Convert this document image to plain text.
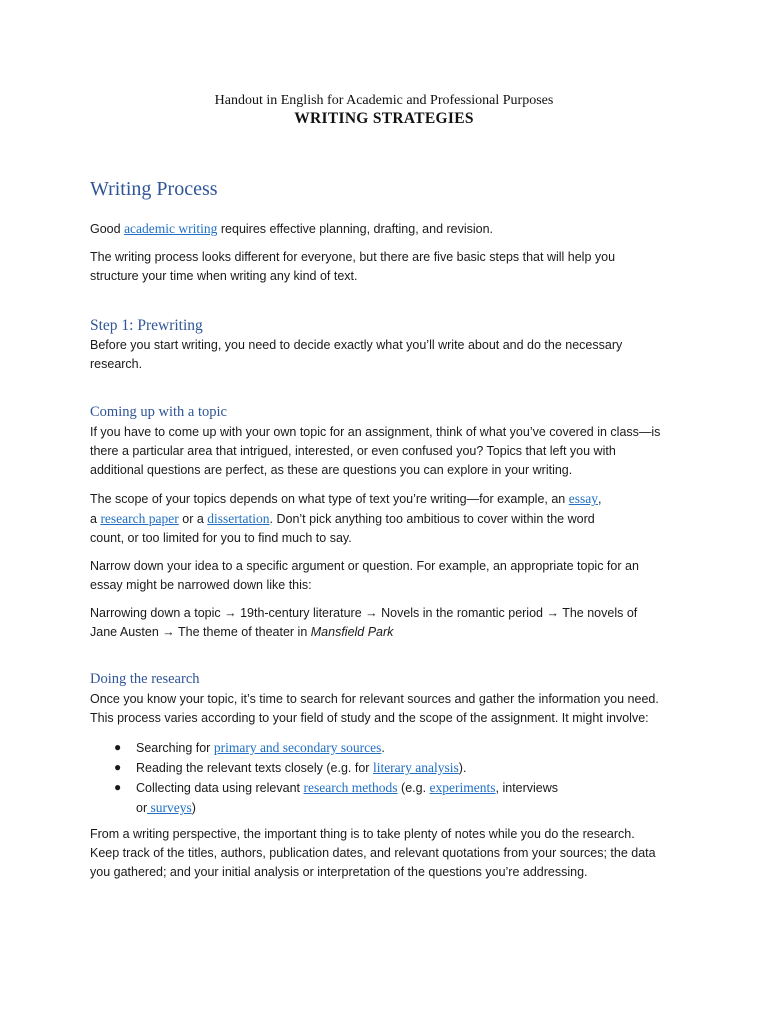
Handout in English for Academic and Professional Purposes
WRITING STRATEGIES
Writing Process

Good academic writing requires effective planning, drafting, and revision.

The writing process looks different for everyone, but there are five basic steps that will help you
structure your time when writing any kind of text.

Step 1: Prewriting

Before you start writing, you need to decide exactly what you’ll write about and do the necessary
research.

Coming up with a topic

If you have to come up with your own topic for an assignment, think of what you’ve covered in class—is
there a particular area that intrigued, interested, or even confused you? Topics that left you with
additional questions are perfect, as these are questions you can explore in your writing.

The scope of your topics depends on what type of text you’re writing—for example, an essay,
a research paper or a dissertation. Don’t pick anything too ambitious to cover within the word
count, or too limited for you to find much to say.

Narrow down your idea to a specific argument or question. For example, an appropriate topic for an
essay might be narrowed down like this:

Narrowing down a topic → 19th-century literature → Novels in the romantic period → The novels of
Jane Austen → The theme of theater in Mansfield Park

Doing the research

Once you know your topic, it’s time to search for relevant sources and gather the information you need.
This process varies according to your field of study and the scope of the assignment. It might involve:

● Searching for primary and secondary sources.
● Reading the relevant texts closely (e.g. for literary analysis).
● Collecting data using relevant research methods (e.g. experiments, interviews
or surveys)

From a writing perspective, the important thing is to take plenty of notes while you do the research.
Keep track of the titles, authors, publication dates, and relevant quotations from your sources; the data
you gathered; and your initial analysis or interpretation of the questions you’re addressing.
